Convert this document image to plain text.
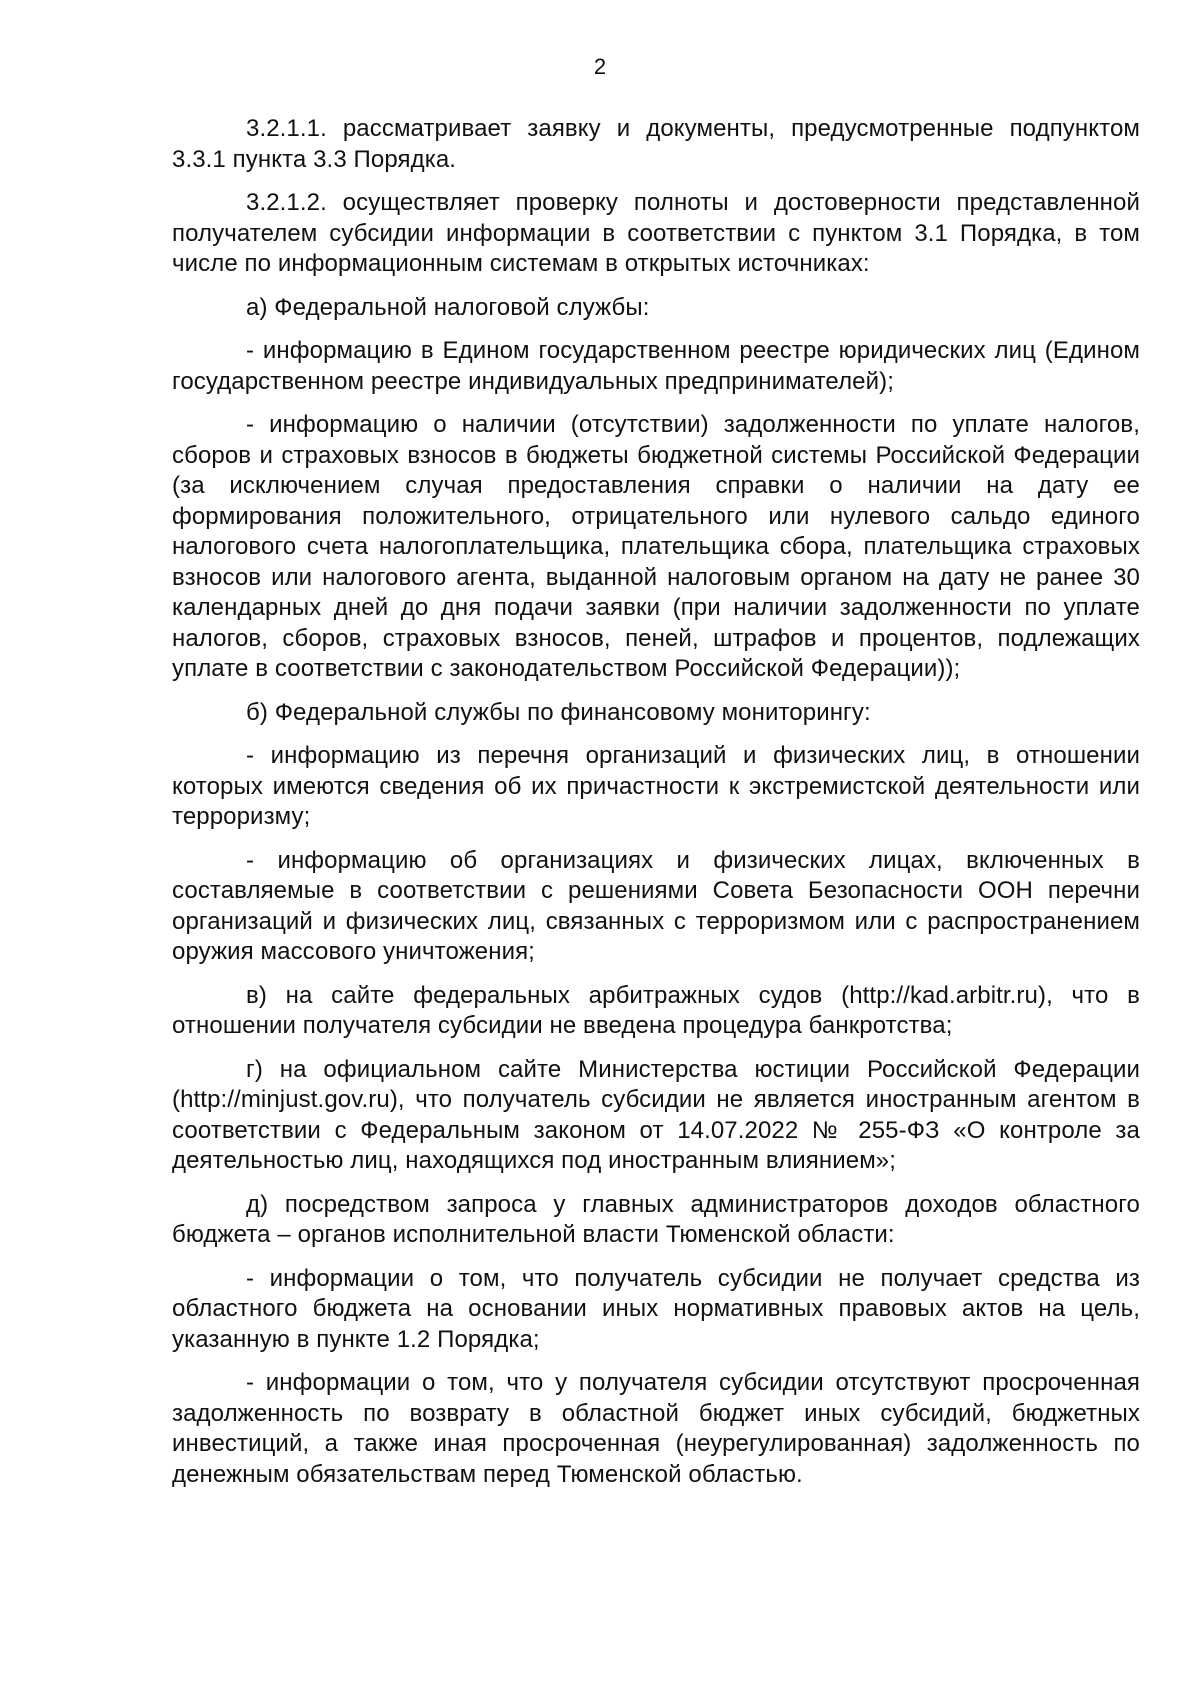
2

3.2.1.1. рассматривает заявку и документы, предусмотренные подпунктом 3.3.1 пункта 3.3 Порядка.

3.2.1.2. осуществляет проверку полноты и достоверности представленной получателем субсидии информации в соответствии с пунктом 3.1 Порядка, в том числе по информационным системам в открытых источниках:

а) Федеральной налоговой службы:

- информацию в Едином государственном реестре юридических лиц (Едином государственном реестре индивидуальных предпринимателей);

- информацию о наличии (отсутствии) задолженности по уплате налогов, сборов и страховых взносов в бюджеты бюджетной системы Российской Федерации (за исключением случая предоставления справки о наличии на дату ее формирования положительного, отрицательного или нулевого сальдо единого налогового счета налогоплательщика, плательщика сбора, плательщика страховых взносов или налогового агента, выданной налоговым органом на дату не ранее 30 календарных дней до дня подачи заявки (при наличии задолженности по уплате налогов, сборов, страховых взносов, пеней, штрафов и процентов, подлежащих уплате в соответствии с законодательством Российской Федерации));

б) Федеральной службы по финансовому мониторингу:

- информацию из перечня организаций и физических лиц, в отношении которых имеются сведения об их причастности к экстремистской деятельности или терроризму;

- информацию об организациях и физических лицах, включенных в составляемые в соответствии с решениями Совета Безопасности ООН перечни организаций и физических лиц, связанных с терроризмом или с распространением оружия массового уничтожения;

в) на сайте федеральных арбитражных судов (http://kad.arbitr.ru), что в отношении получателя субсидии не введена процедура банкротства;

г) на официальном сайте Министерства юстиции Российской Федерации (http://minjust.gov.ru), что получатель субсидии не является иностранным агентом в соответствии с Федеральным законом от 14.07.2022 № 255-ФЗ «О контроле за деятельностью лиц, находящихся под иностранным влиянием»;

д) посредством запроса у главных администраторов доходов областного бюджета – органов исполнительной власти Тюменской области:

- информации о том, что получатель субсидии не получает средства из областного бюджета на основании иных нормативных правовых актов на цель, указанную в пункте 1.2 Порядка;

- информации о том, что у получателя субсидии отсутствуют просроченная задолженность по возврату в областной бюджет иных субсидий, бюджетных инвестиций, а также иная просроченная (неурегулированная) задолженность по денежным обязательствам перед Тюменской областью.
